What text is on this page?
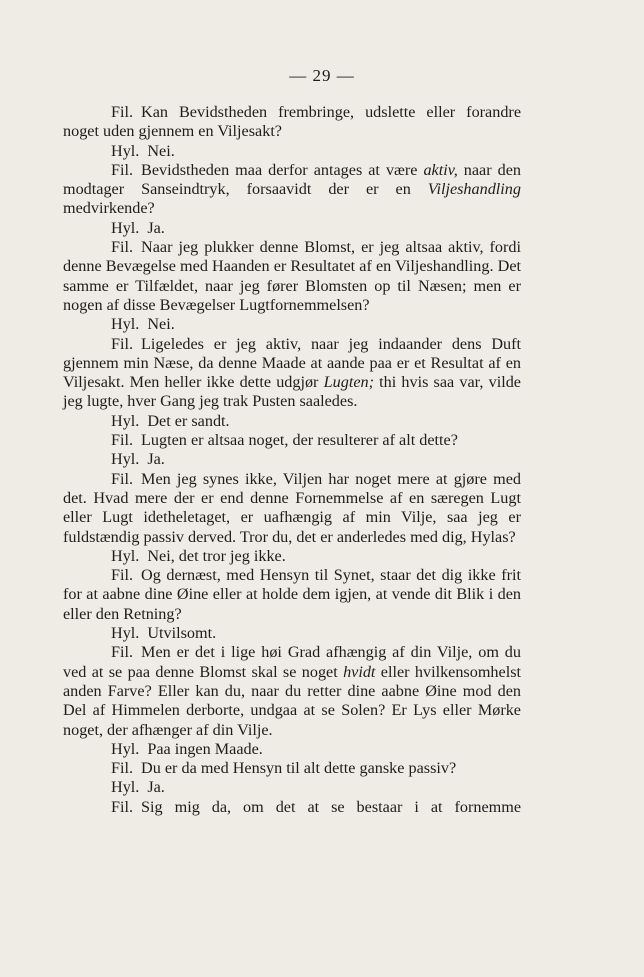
— 29 —

Fil. Kan Bevidstheden frembringe, udslette eller forandre noget uden gjennem en Viljesakt?

Hyl. Nei.

Fil. Bevidstheden maa derfor antages at være aktiv, naar den modtager Sanseindtryk, forsaavidt der er en Viljeshandling medvirkende?

Hyl. Ja.

Fil. Naar jeg plukker denne Blomst, er jeg altsaa aktiv, fordi denne Bevægelse med Haanden er Resultatet af en Viljeshandling. Det samme er Tilfældet, naar jeg fører Blomsten op til Næsen; men er nogen af disse Bevægelser Lugtfornemmelsen?

Hyl. Nei.

Fil. Ligeledes er jeg aktiv, naar jeg indaander dens Duft gjennem min Næse, da denne Maade at aande paa er et Resultat af en Viljesakt. Men heller ikke dette udgjør Lugten; thi hvis saa var, vilde jeg lugte, hver Gang jeg trak Pusten saaledes.

Hyl. Det er sandt.

Fil. Lugten er altsaa noget, der resulterer af alt dette?

Hyl. Ja.

Fil. Men jeg synes ikke, Viljen har noget mere at gjøre med det. Hvad mere der er end denne Fornemmelse af en særegen Lugt eller Lugt idetheletaget, er uafhængig af min Vilje, saa jeg er fuldstændig passiv derved. Tror du, det er anderledes med dig, Hylas?

Hyl. Nei, det tror jeg ikke.

Fil. Og dernæst, med Hensyn til Synet, staar det dig ikke frit for at aabne dine Øine eller at holde dem igjen, at vende dit Blik i den eller den Retning?

Hyl. Utvilsomt.

Fil. Men er det i lige høi Grad afhængig af din Vilje, om du ved at se paa denne Blomst skal se noget hvidt eller hvilkensomhelst anden Farve? Eller kan du, naar du retter dine aabne Øine mod den Del af Himmelen derborte, undgaa at se Solen? Er Lys eller Mørke noget, der afhænger af din Vilje.

Hyl. Paa ingen Maade.

Fil. Du er da med Hensyn til alt dette ganske passiv?

Hyl. Ja.

Fil. Sig mig da, om det at se bestaar i at fornemme
